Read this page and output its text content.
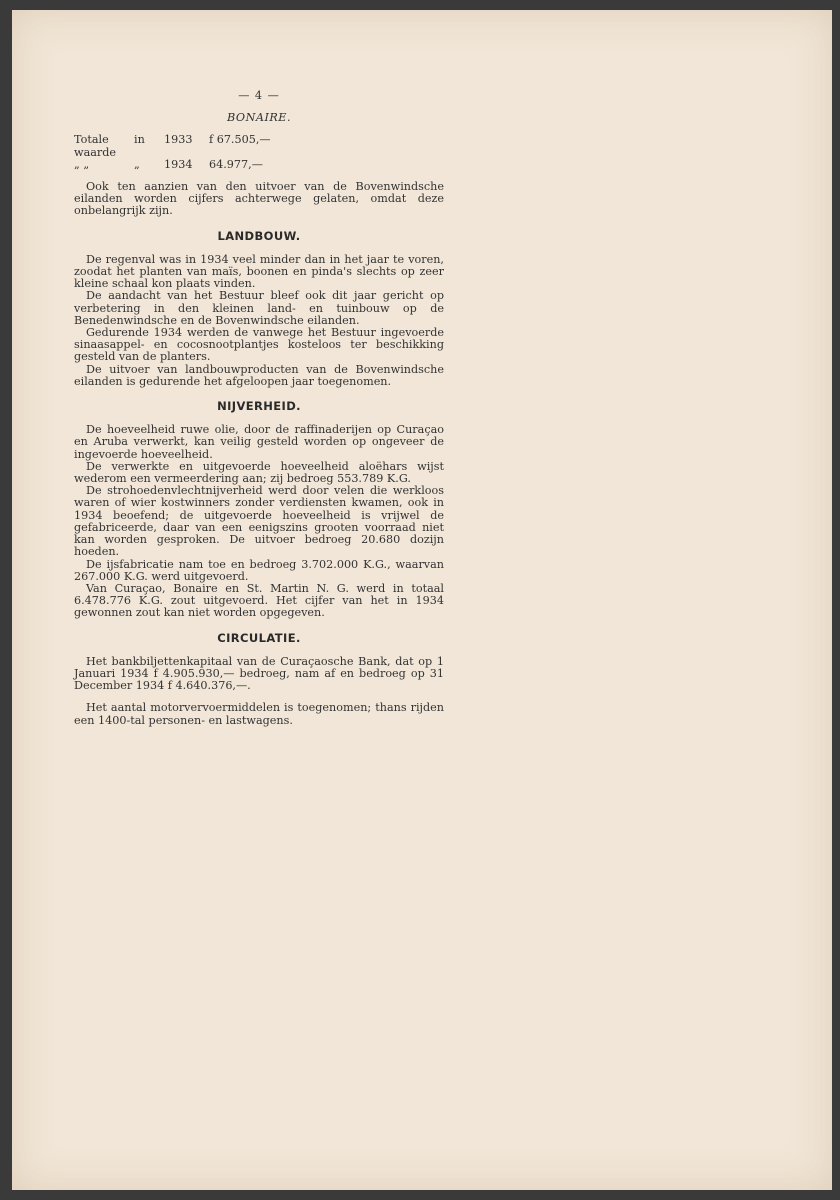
— 4 —
BONAIRE.
Totale waarde
in	1933	f 67.505,—
„ „	„	1934	64.977,—

Ook ten aanzien van den uitvoer van de Bovenwindsche eilanden worden cijfers achterwege gelaten, omdat deze onbelangrijk zijn.

LANDBOUW.

De regenval was in 1934 veel minder dan in het jaar te voren, zoodat het planten van maïs, boonen en pinda's slechts op zeer kleine schaal kon plaats vinden.

De aandacht van het Bestuur bleef ook dit jaar gericht op verbetering in den kleinen land- en tuinbouw op de Benedenwindsche en de Bovenwindsche eilanden.

Gedurende 1934 werden de vanwege het Bestuur ingevoerde sinaasappel- en cocosnootplantjes kosteloos ter beschikking gesteld van de planters.

De uitvoer van landbouwproducten van de Bovenwindsche eilanden is gedurende het afgeloopen jaar toegenomen.

NIJVERHEID.

De hoeveelheid ruwe olie, door de raffinaderijen op Curaçao en Aruba verwerkt, kan veilig gesteld worden op ongeveer de ingevoerde hoeveelheid.

De verwerkte en uitgevoerde hoeveelheid aloëhars wijst wederom een vermeerdering aan; zij bedroeg 553.789 K.G.

De strohoedenvlechtnijverheid werd door velen die werkloos waren of wier kostwinners zonder verdiensten kwamen, ook in 1934 beoefend; de uitgevoerde hoeveelheid is vrijwel de gefabriceerde, daar van een eenigszins grooten voorraad niet kan worden gesproken. De uitvoer bedroeg 20.680 dozijn hoeden.

De ijsfabricatie nam toe en bedroeg 3.702.000 K.G., waarvan 267.000 K.G. werd uitgevoerd.

Van Curaçao, Bonaire en St. Martin N. G. werd in totaal 6.478.776 K.G. zout uitgevoerd. Het cijfer van het in 1934 gewonnen zout kan niet worden opgegeven.

CIRCULATIE.

Het bankbiljettenkapitaal van de Curaçaosche Bank, dat op 1 Januari 1934 f 4.905.930,— bedroeg, nam af en bedroeg op 31 December 1934 f 4.640.376,—.

Het aantal motorvervoermiddelen is toegenomen; thans rijden een 1400-tal personen- en lastwagens.
